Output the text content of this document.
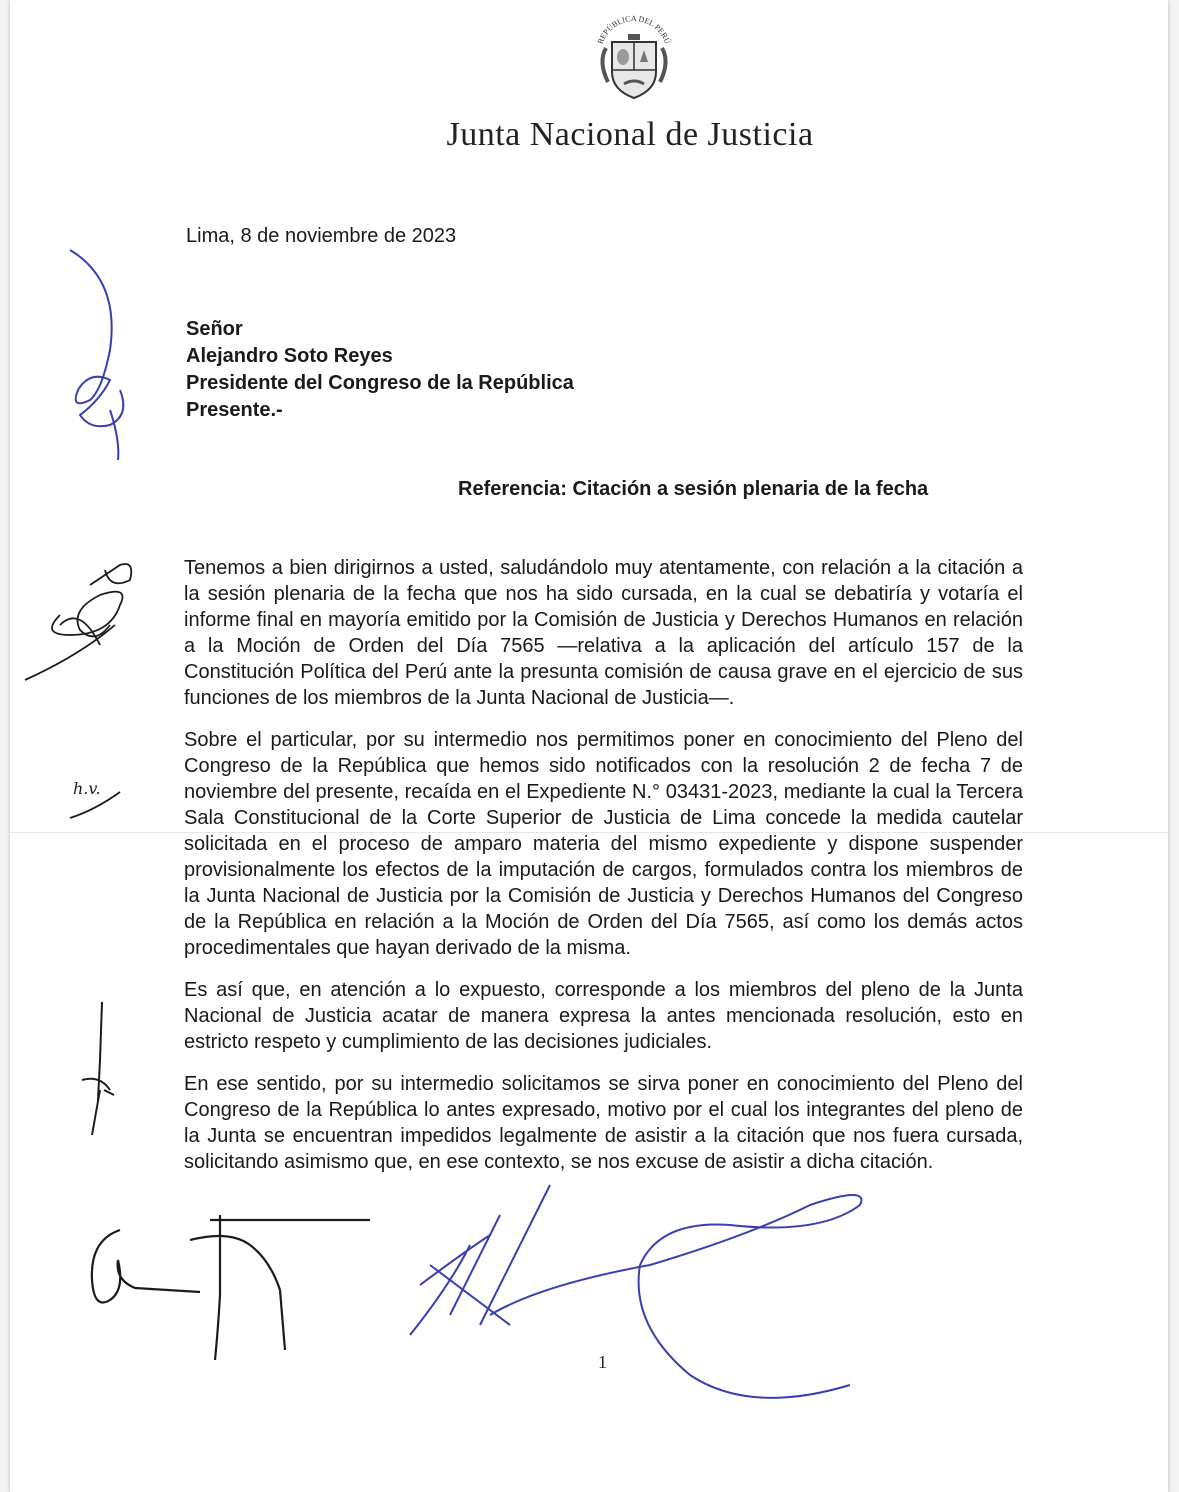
REPÚBLICA DEL PERÚ
Junta Nacional de Justicia
Lima, 8 de noviembre de 2023
Señor
Alejandro Soto Reyes
Presidente del Congreso de la República
Presente.-
Referencia: Citación a sesión plenaria de la fecha

Tenemos a bien dirigirnos a usted, saludándolo muy atentamente, con relación a la citación a la sesión plenaria de la fecha que nos ha sido cursada, en la cual se debatiría y votaría el informe final en mayoría emitido por la Comisión de Justicia y Derechos Humanos en relación a la Moción de Orden del Día 7565 —relativa a la aplicación del artículo 157 de la Constitución Política del Perú ante la presunta comisión de causa grave en el ejercicio de sus funciones de los miembros de la Junta Nacional de Justicia—.

Sobre el particular, por su intermedio nos permitimos poner en conocimiento del Pleno del Congreso de la República que hemos sido notificados con la resolución 2 de fecha 7 de noviembre del presente, recaída en el Expediente N.° 03431-2023, mediante la cual la Tercera Sala Constitucional de la Corte Superior de Justicia de Lima concede la medida cautelar solicitada en el proceso de amparo materia del mismo expediente y dispone suspender provisionalmente los efectos de la imputación de cargos, formulados contra los miembros de la Junta Nacional de Justicia por la Comisión de Justicia y Derechos Humanos del Congreso de la República en relación a la Moción de Orden del Día 7565, así como los demás actos procedimentales que hayan derivado de la misma.

Es así que, en atención a lo expuesto, corresponde a los miembros del pleno de la Junta Nacional de Justicia acatar de manera expresa la antes mencionada resolución, esto en estricto respeto y cumplimiento de las decisiones judiciales.

En ese sentido, por su intermedio solicitamos se sirva poner en conocimiento del Pleno del Congreso de la República lo antes expresado, motivo por el cual los integrantes del pleno de la Junta se encuentran impedidos legalmente de asistir a la citación que nos fuera cursada, solicitando asimismo que, en ese contexto, se nos excuse de asistir a dicha citación.

h.v.
1
